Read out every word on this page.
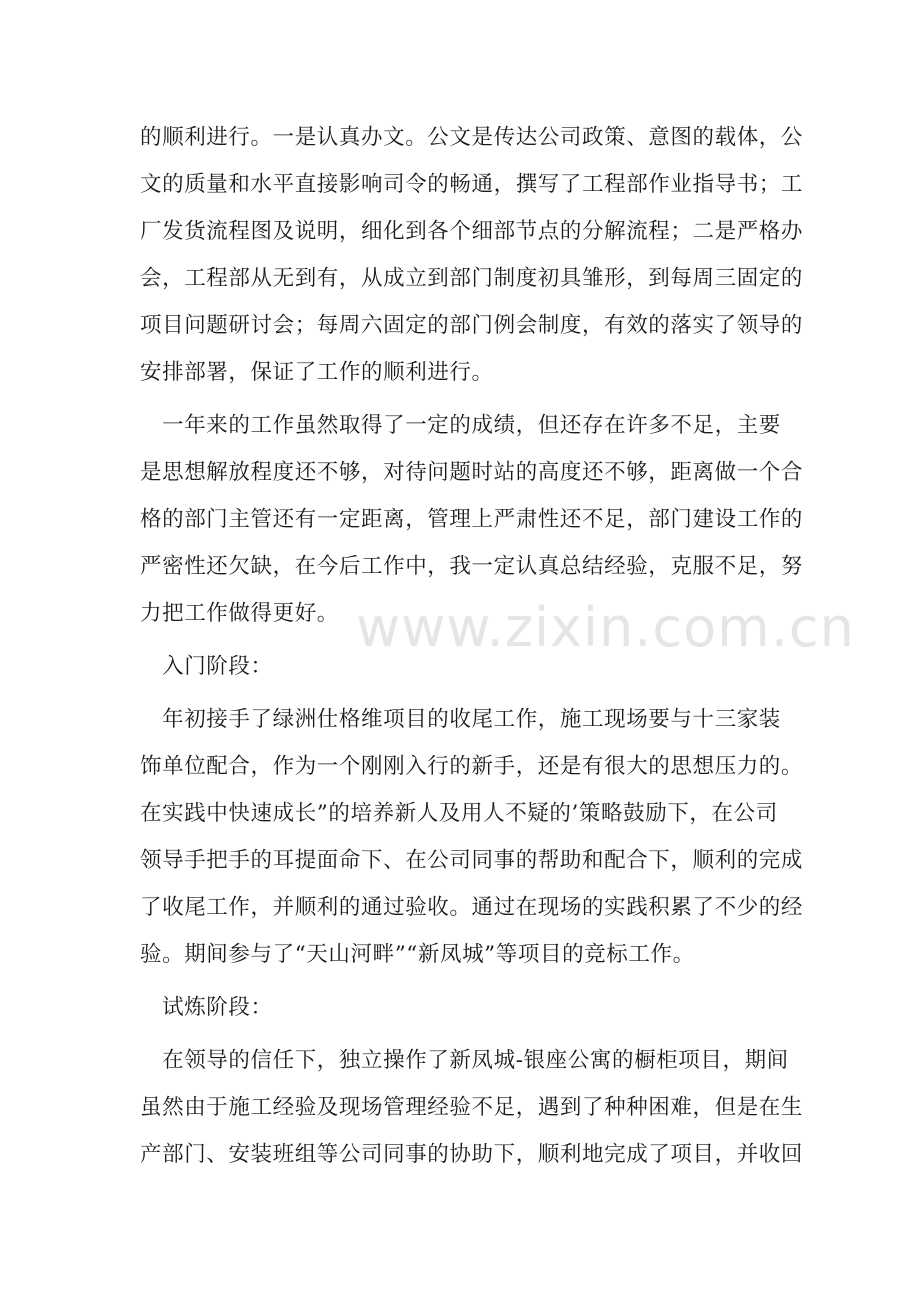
的顺利进行。一是认真办文。公文是传达公司政策、意图的载体，公
文的质量和水平直接影响司令的畅通，撰写了工程部作业指导书；工
厂发货流程图及说明，细化到各个细部节点的分解流程；二是严格办
会，工程部从无到有，从成立到部门制度初具雏形，到每周三固定的
项目问题研讨会；每周六固定的部门例会制度，有效的落实了领导的
安排部署，保证了工作的顺利进行。

　一年来的工作虽然取得了一定的成绩，但还存在许多不足，主要
是思想解放程度还不够，对待问题时站的高度还不够，距离做一个合
格的部门主管还有一定距离，管理上严肃性还不足，部门建设工作的
严密性还欠缺，在今后工作中，我一定认真总结经验，克服不足，努
力把工作做得更好。

　入门阶段：

　年初接手了绿洲仕格维项目的收尾工作，施工现场要与十三家装
饰单位配合，作为一个刚刚入行的新手，还是有很大的思想压力的。
在实践中快速成长”的培养新人及用人不疑的’策略鼓励下，在公司
领导手把手的耳提面命下、在公司同事的帮助和配合下，顺利的完成
了收尾工作，并顺利的通过验收。通过在现场的实践积累了不少的经
验。期间参与了“天山河畔”“新凤城”等项目的竞标工作。

　试炼阶段：

　在领导的信任下，独立操作了新凤城-银座公寓的橱柜项目，期间
虽然由于施工经验及现场管理经验不足，遇到了种种困难，但是在生
产部门、安装班组等公司同事的协助下，顺利地完成了项目，并收回

www.zixin.com.cn
